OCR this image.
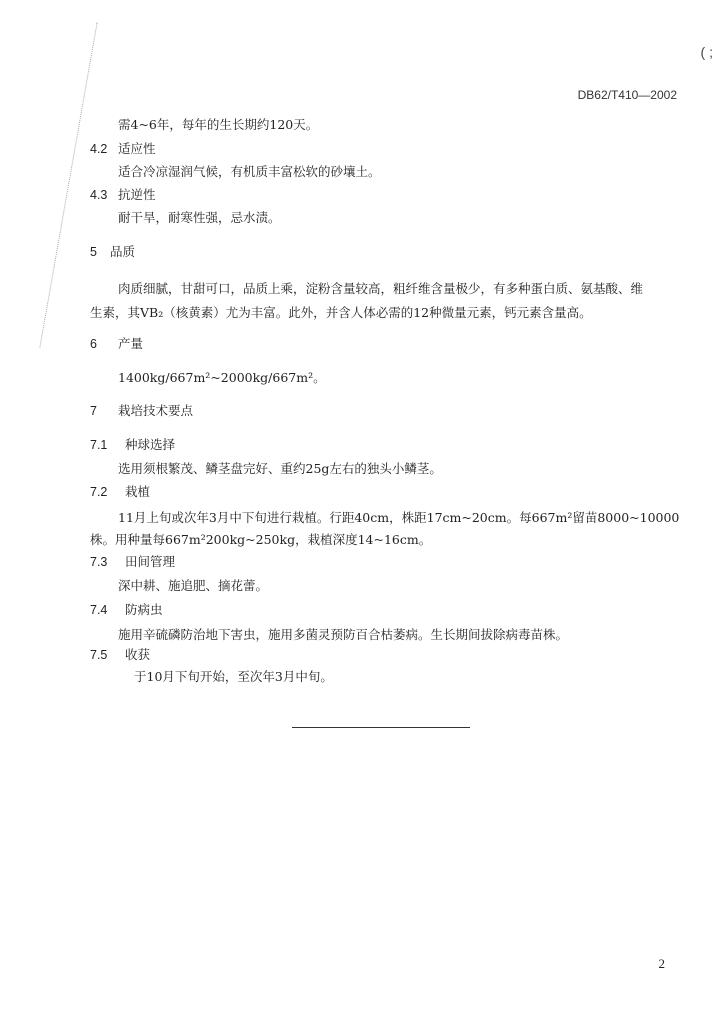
( ;
DB62/T410—2002
需4~6年，每年的生长期约120天。
4.2 适应性
适合冷凉湿润气候，有机质丰富松软的砂壤土。
4.3 抗逆性
耐干旱，耐寒性强，忌水渍。
5 品质
肉质细腻，甘甜可口，品质上乘，淀粉含量较高，粗纤维含量极少，有多种蛋白质、氨基酸、维
生素，其VB₂（核黄素）尤为丰富。此外，并含人体必需的12种微量元素，钙元素含量高。
6 产量
1400kg/667m²~2000kg/667m²。
7 栽培技术要点
7.1 种球选择
选用须根繁茂、鳞茎盘完好、重约25g左右的独头小鳞茎。
7.2 栽植
11月上旬或次年3月中下旬进行栽植。行距40cm，株距17cm~20cm。每667m²留苗8000~10000
株。用种量每667m²200kg~250kg，栽植深度14~16cm。
7.3 田间管理
深中耕、施追肥、摘花蕾。
7.4 防病虫
施用辛硫磷防治地下害虫，施用多菌灵预防百合枯萎病。生长期间拔除病毒苗株。
7.5 收获
于10月下旬开始，至次年3月中旬。
2
